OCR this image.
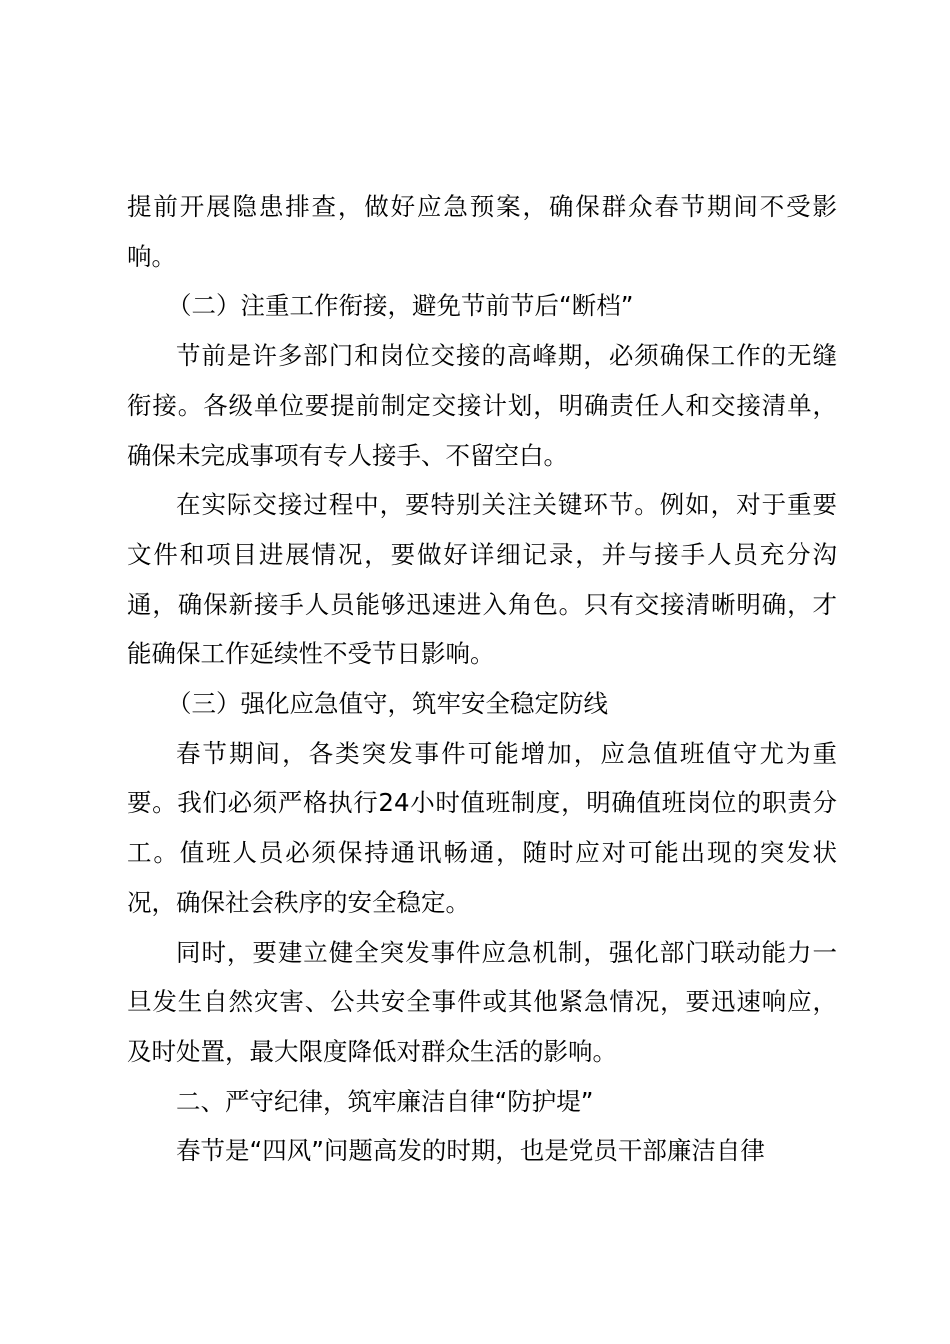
提前开展隐患排查，做好应急预案，确保群众春节期间不受影响。

（二）注重工作衔接，避免节前节后“断档”

节前是许多部门和岗位交接的高峰期，必须确保工作的无缝衔接。各级单位要提前制定交接计划，明确责任人和交接清单，确保未完成事项有专人接手、不留空白。

在实际交接过程中，要特别关注关键环节。例如，对于重要文件和项目进展情况，要做好详细记录，并与接手人员充分沟通，确保新接手人员能够迅速进入角色。只有交接清晰明确，才能确保工作延续性不受节日影响。

（三）强化应急值守，筑牢安全稳定防线

春节期间，各类突发事件可能增加，应急值班值守尤为重要。我们必须严格执行24小时值班制度，明确值班岗位的职责分工。值班人员必须保持通讯畅通，随时应对可能出现的突发状况，确保社会秩序的安全稳定。

同时，要建立健全突发事件应急机制，强化部门联动能力一旦发生自然灾害、公共安全事件或其他紧急情况，要迅速响应，及时处置，最大限度降低对群众生活的影响。

二、严守纪律，筑牢廉洁自律“防护堤”

春节是“四风”问题高发的时期，也是党员干部廉洁自律
